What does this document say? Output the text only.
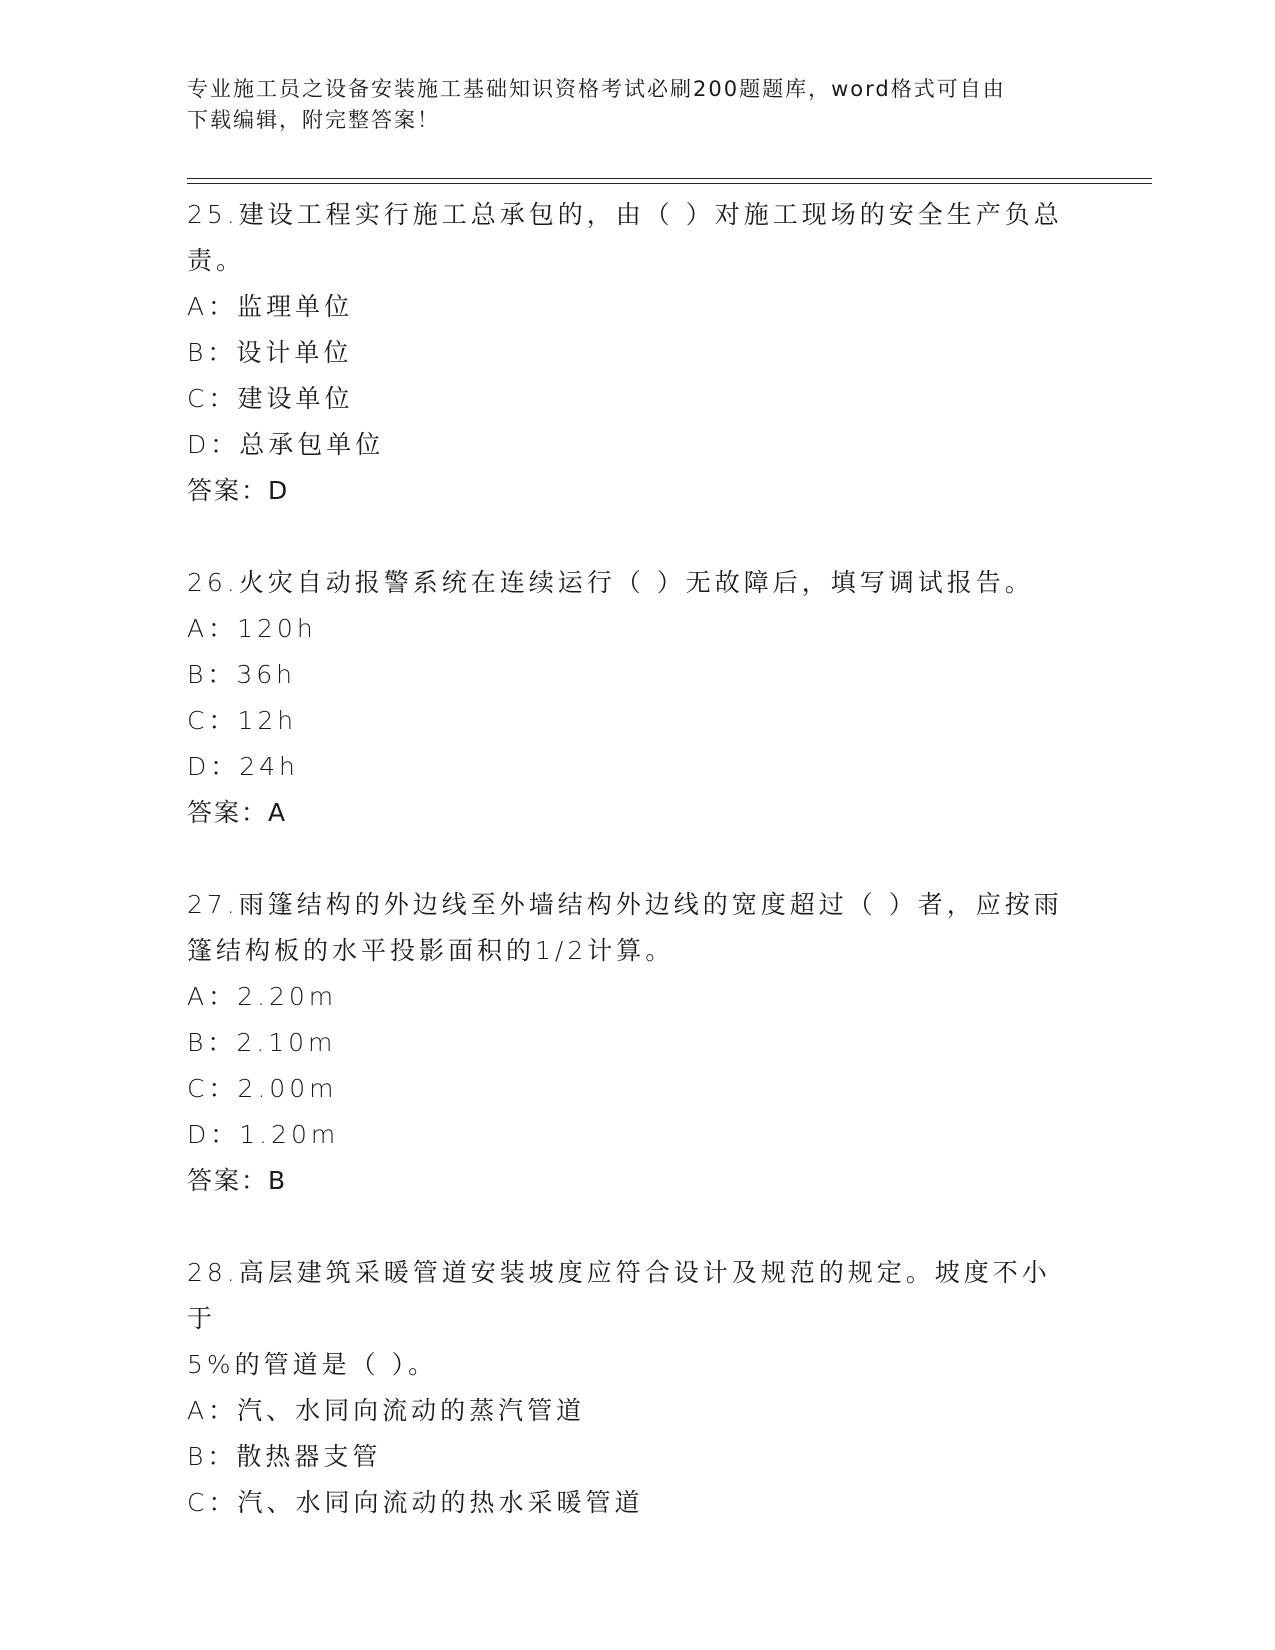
专业施工员之设备安装施工基础知识资格考试必刷200题题库，word格式可自由
下载编辑，附完整答案！
25.建设工程实行施工总承包的，由（ ）对施工现场的安全生产负总
责。
A：监理单位
B：设计单位
C：建设单位
D：总承包单位
答案：D
26.火灾自动报警系统在连续运行（ ）无故障后，填写调试报告。
A：120h
B：36h
C：12h
D：24h
答案：A
27.雨篷结构的外边线至外墙结构外边线的宽度超过（ ）者，应按雨
篷结构板的水平投影面积的1/2计算。
A：2.20m
B：2.10m
C：2.00m
D：1.20m
答案：B
28.高层建筑采暖管道安装坡度应符合设计及规范的规定。坡度不小于
5%的管道是（ ）。
A：汽、水同向流动的蒸汽管道
B：散热器支管
C：汽、水同向流动的热水采暖管道
